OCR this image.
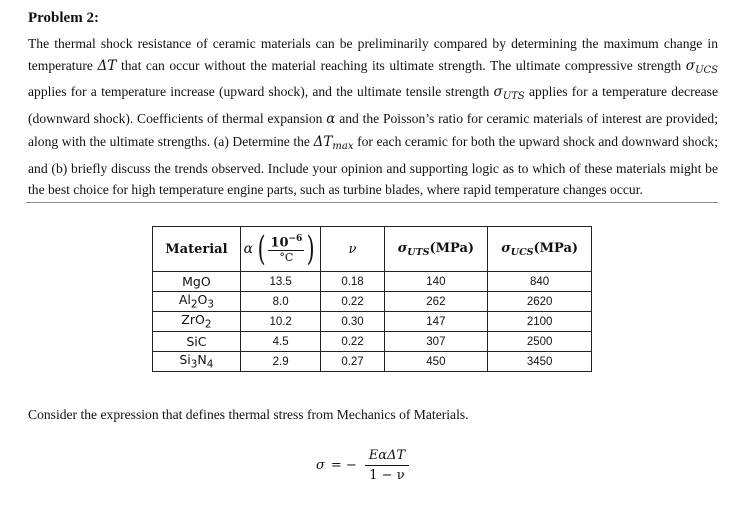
Problem 2:
The thermal shock resistance of ceramic materials can be preliminarily compared by determining the maximum change in temperature ΔT that can occur without the material reaching its ultimate strength. The ultimate compressive strength $\sigma_{UCS}$ applies for a temperature increase (upward shock), and the ultimate tensile strength $\sigma_{UTS}$ applies for a temperature decrease (downward shock). Coefficients of thermal expansion α and the Poisson’s ratio for ceramic materials of interest are provided; along with the ultimate strengths. (a) Determine the $\Delta T_{max}$ for each ceramic for both the upward shock and downward shock; and (b) briefly discuss the trends observed. Include your opinion and supporting logic as to which of these materials might be the best choice for high temperature engine parts, such as turbine blades, where rapid temperature changes occur.
Material	α ( $\frac{10^{-6}}{^\circ C}$ )	ν	$\sigma_{UTS}(MPa)$	$\sigma_{UCS}(MPa)$
MgO	13.5	0.18	140	840
$Al_2O_3$	8.0	0.22	262	2620
ZrO$_2$	10.2	0.30	147	2100
SiC	4.5	0.22	307	2500
$Si_3N_4$	2.9	0.27	450	3450
Consider the expression that defines thermal stress from Mechanics of Materials.
σ = −
EαΔT
1 − ν
